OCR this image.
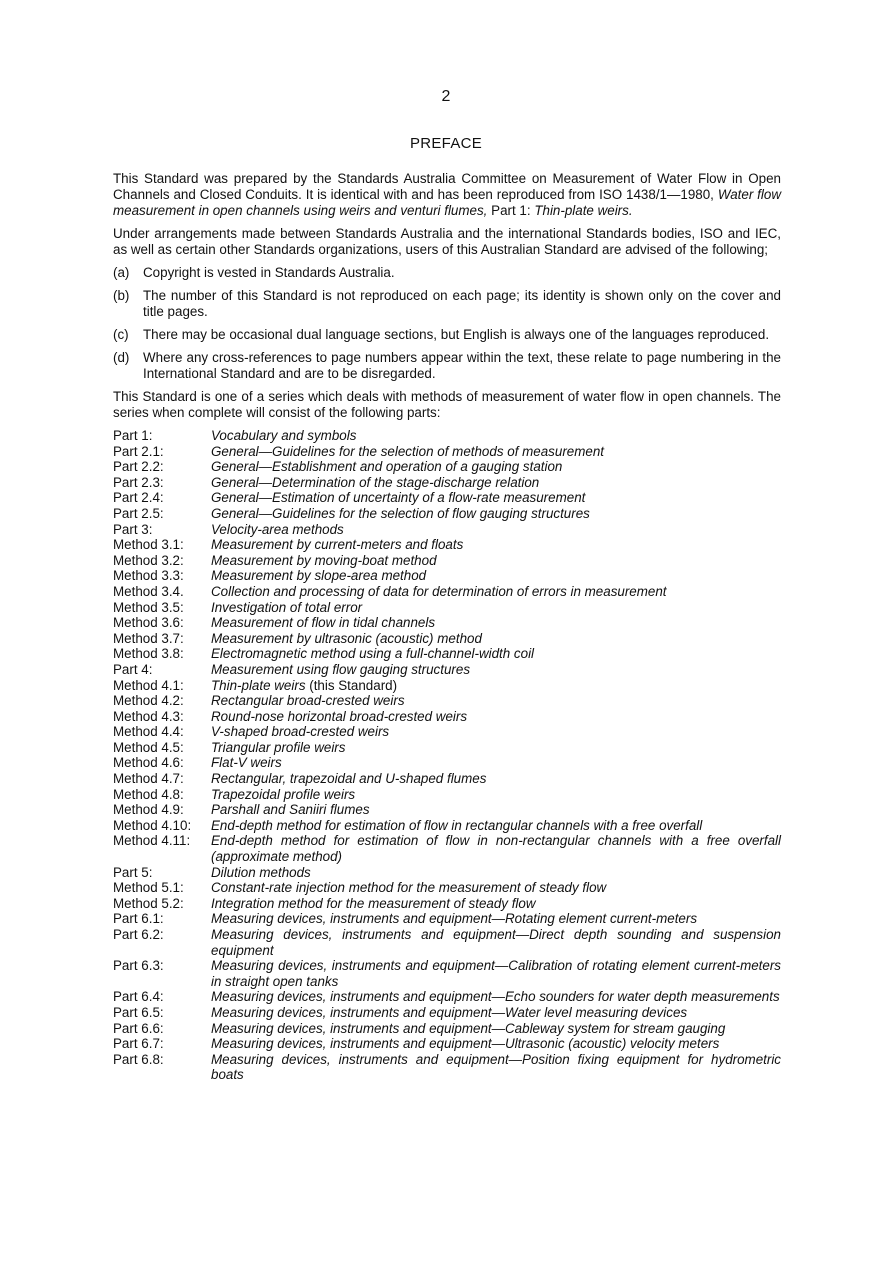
2
PREFACE

This Standard was prepared by the Standards Australia Committee on Measurement of Water Flow in Open Channels and Closed Conduits. It is identical with and has been reproduced from ISO 1438/1—1980, Water flow measurement in open channels using weirs and venturi flumes, Part 1: Thin-plate weirs.

Under arrangements made between Standards Australia and the international Standards bodies, ISO and IEC, as well as certain other Standards organizations, users of this Australian Standard are advised of the following;

(a)	Copyright is vested in Standards Australia.
(b)	The number of this Standard is not reproduced on each page; its identity is shown only on the cover and title pages.
(c)	There may be occasional dual language sections, but English is always one of the languages reproduced.
(d)	Where any cross-references to page numbers appear within the text, these relate to page numbering in the International Standard and are to be disregarded.

This Standard is one of a series which deals with methods of measurement of water flow in open channels. The series when complete will consist of the following parts:

Part 1:	Vocabulary and symbols
Part 2.1:	General—Guidelines for the selection of methods of measurement
Part 2.2:	General—Establishment and operation of a gauging station
Part 2.3:	General—Determination of the stage-discharge relation
Part 2.4:	General—Estimation of uncertainty of a flow-rate measurement
Part 2.5:	General—Guidelines for the selection of flow gauging structures
Part 3:	Velocity-area methods
Method 3.1:	Measurement by current-meters and floats
Method 3.2:	Measurement by moving-boat method
Method 3.3:	Measurement by slope-area method
Method 3.4.	Collection and processing of data for determination of errors in measurement
Method 3.5:	Investigation of total error
Method 3.6:	Measurement of flow in tidal channels
Method 3.7:	Measurement by ultrasonic (acoustic) method
Method 3.8:	Electromagnetic method using a full-channel-width coil
Part 4:	Measurement using flow gauging structures
Method 4.1:	Thin-plate weirs (this Standard)
Method 4.2:	Rectangular broad-crested weirs
Method 4.3:	Round-nose horizontal broad-crested weirs
Method 4.4:	V-shaped broad-crested weirs
Method 4.5:	Triangular profile weirs
Method 4.6:	Flat-V weirs
Method 4.7:	Rectangular, trapezoidal and U-shaped flumes
Method 4.8:	Trapezoidal profile weirs
Method 4.9:	Parshall and Saniiri flumes
Method 4.10:	End-depth method for estimation of flow in rectangular channels with a free overfall
Method 4.11:	End-depth method for estimation of flow in non-rectangular channels with a free overfall (approximate method)
Part 5:	Dilution methods
Method 5.1:	Constant-rate injection method for the measurement of steady flow
Method 5.2:	Integration method for the measurement of steady flow
Part 6.1:	Measuring devices, instruments and equipment—Rotating element current-meters
Part 6.2:	Measuring devices, instruments and equipment—Direct depth sounding and suspension equipment
Part 6.3:	Measuring devices, instruments and equipment—Calibration of rotating element current-meters in straight open tanks
Part 6.4:	Measuring devices, instruments and equipment—Echo sounders for water depth measurements
Part 6.5:	Measuring devices, instruments and equipment—Water level measuring devices
Part 6.6:	Measuring devices, instruments and equipment—Cableway system for stream gauging
Part 6.7:	Measuring devices, instruments and equipment—Ultrasonic (acoustic) velocity meters
Part 6.8:	Measuring devices, instruments and equipment—Position fixing equipment for hydrometric boats
